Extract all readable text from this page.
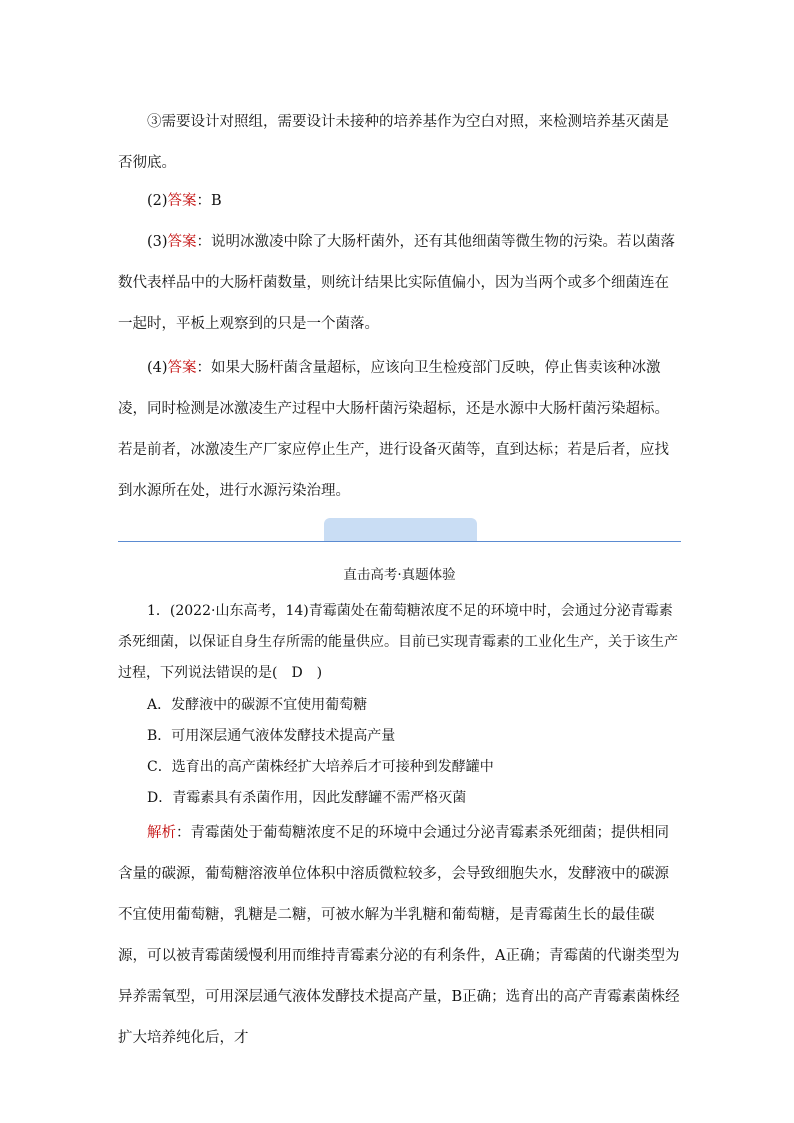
③需要设计对照组，需要设计未接种的培养基作为空白对照，来检测培养基灭菌是否彻底。

(2)答案：B

(3)答案：说明冰激凌中除了大肠杆菌外，还有其他细菌等微生物的污染。若以菌落数代表样品中的大肠杆菌数量，则统计结果比实际值偏小，因为当两个或多个细菌连在一起时，平板上观察到的只是一个菌落。

(4)答案：如果大肠杆菌含量超标，应该向卫生检疫部门反映，停止售卖该种冰激凌，同时检测是冰激凌生产过程中大肠杆菌污染超标，还是水源中大肠杆菌污染超标。若是前者，冰激凌生产厂家应停止生产，进行设备灭菌等，直到达标；若是后者，应找到水源所在处，进行水源污染治理。

直击高考·真题体验

1．(2022·山东高考，14)青霉菌处在葡萄糖浓度不足的环境中时，会通过分泌青霉素杀死细菌，以保证自身生存所需的能量供应。目前已实现青霉素的工业化生产，关于该生产过程，下列说法错误的是(　D　)

A．发酵液中的碳源不宜使用葡萄糖

B．可用深层通气液体发酵技术提高产量

C．选育出的高产菌株经扩大培养后才可接种到发酵罐中

D．青霉素具有杀菌作用，因此发酵罐不需严格灭菌

解析：青霉菌处于葡萄糖浓度不足的环境中会通过分泌青霉素杀死细菌；提供相同含量的碳源，葡萄糖溶液单位体积中溶质微粒较多，会导致细胞失水，发酵液中的碳源不宜使用葡萄糖，乳糖是二糖，可被水解为半乳糖和葡萄糖，是青霉菌生长的最佳碳源，可以被青霉菌缓慢利用而维持青霉素分泌的有利条件，A正确；青霉菌的代谢类型为异养需氧型，可用深层通气液体发酵技术提高产量，B正确；选育出的高产青霉素菌株经扩大培养纯化后，才
